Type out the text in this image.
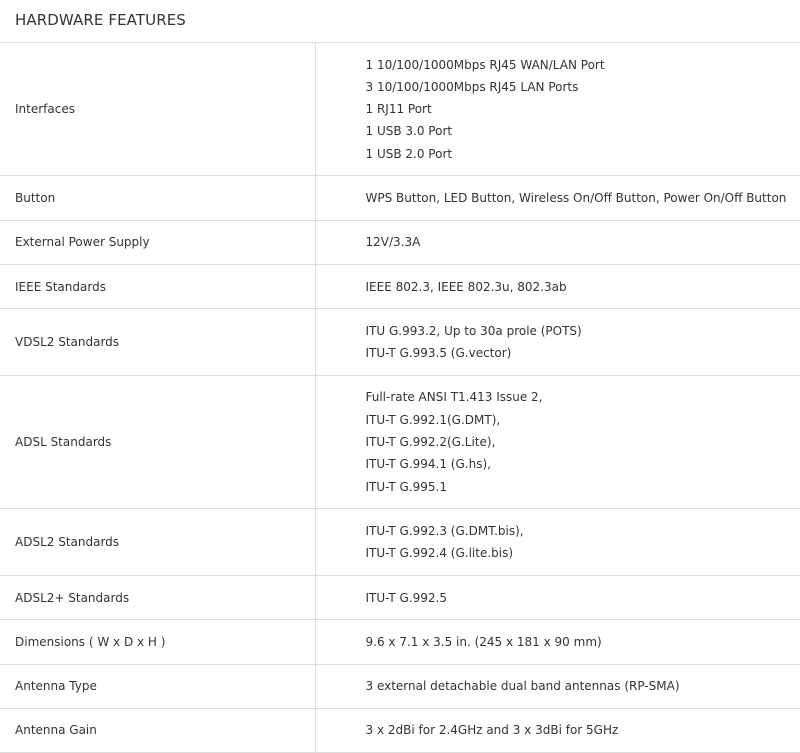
HARDWARE FEATURES
Interfaces	1 10/100/1000Mbps RJ45 WAN/LAN Port
3 10/100/1000Mbps RJ45 LAN Ports
1 RJ11 Port
1 USB 3.0 Port
1 USB 2.0 Port

Button	WPS Button, LED Button, Wireless On/Off Button, Power On/Off Button

External Power Supply	12V/3.3A

IEEE Standards	IEEE 802.3, IEEE 802.3u, 802.3ab

VDSL2 Standards	ITU G.993.2, Up to 30a prole (POTS)
ITU-T G.993.5 (G.vector)

ADSL Standards	Full-rate ANSI T1.413 Issue 2,
ITU-T G.992.1(G.DMT),
ITU-T G.992.2(G.Lite),
ITU-T G.994.1 (G.hs),
ITU-T G.995.1

ADSL2 Standards	ITU-T G.992.3 (G.DMT.bis),
ITU-T G.992.4 (G.lite.bis)

ADSL2+ Standards	ITU-T G.992.5

Dimensions ( W x D x H )	9.6 x 7.1 x 3.5 in. (245 x 181 x 90 mm)

Antenna Type	3 external detachable dual band antennas (RP-SMA)

Antenna Gain	3 x 2dBi for 2.4GHz and 3 x 3dBi for 5GHz
